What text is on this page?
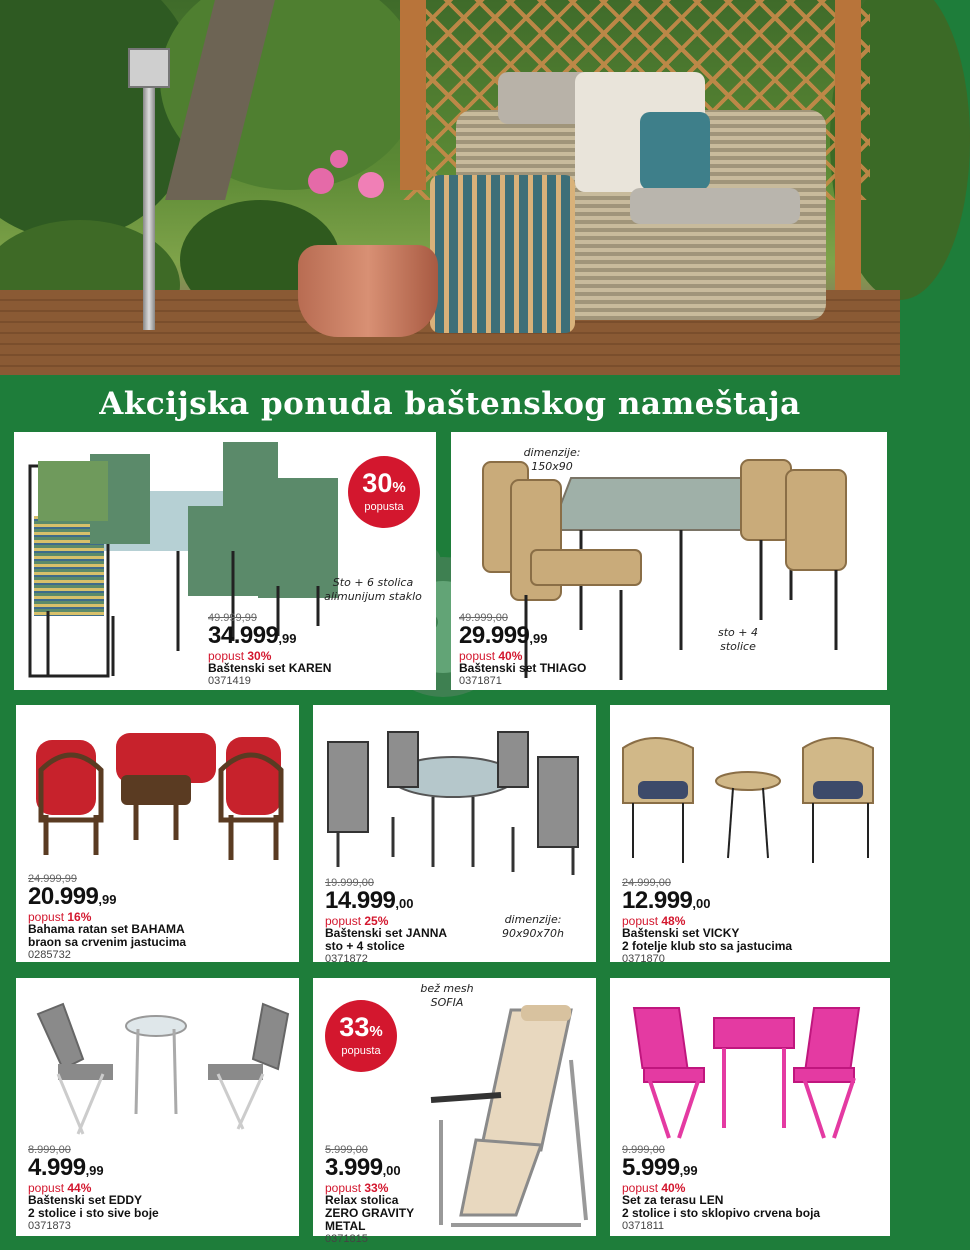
Akcijska ponuda baštenskog nameštaja
30%
popusta
Sto + 6 stolica
alimunijum staklo
49.999,99
34.999,99
popust 30%
Baštenski set KAREN
0371419
dimenzije:
150x90
sto + 4
stolice
49.999,00
29.999,99
popust 40%
Baštenski set THIAGO
0371871
24.999,99
20.999,99
popust 16%
Bahama ratan set BAHAMA
braon sa crvenim jastucima
0285732
dimenzije:
90x90x70h
19.999,00
14.999,00
popust 25%
Baštenski set JANNA
sto + 4 stolice
0371872
24.999,00
12.999,00
popust 48%
Baštenski set VICKY
2 fotelje klub sto sa jastucima
0371870
8.999,00
4.999,99
popust 44%
Baštenski set EDDY
2 stolice i sto sive boje
0371873
33%
popusta
bež mesh
SOFIA
5.999,00
3.999,00
popust 33%
Relax stolica
ZERO GRAVITY
METAL
0371815
9.999,00
5.999,99
popust 40%
Set za terasu LEN
2 stolice i sto sklopivo crvena boja
0371811
